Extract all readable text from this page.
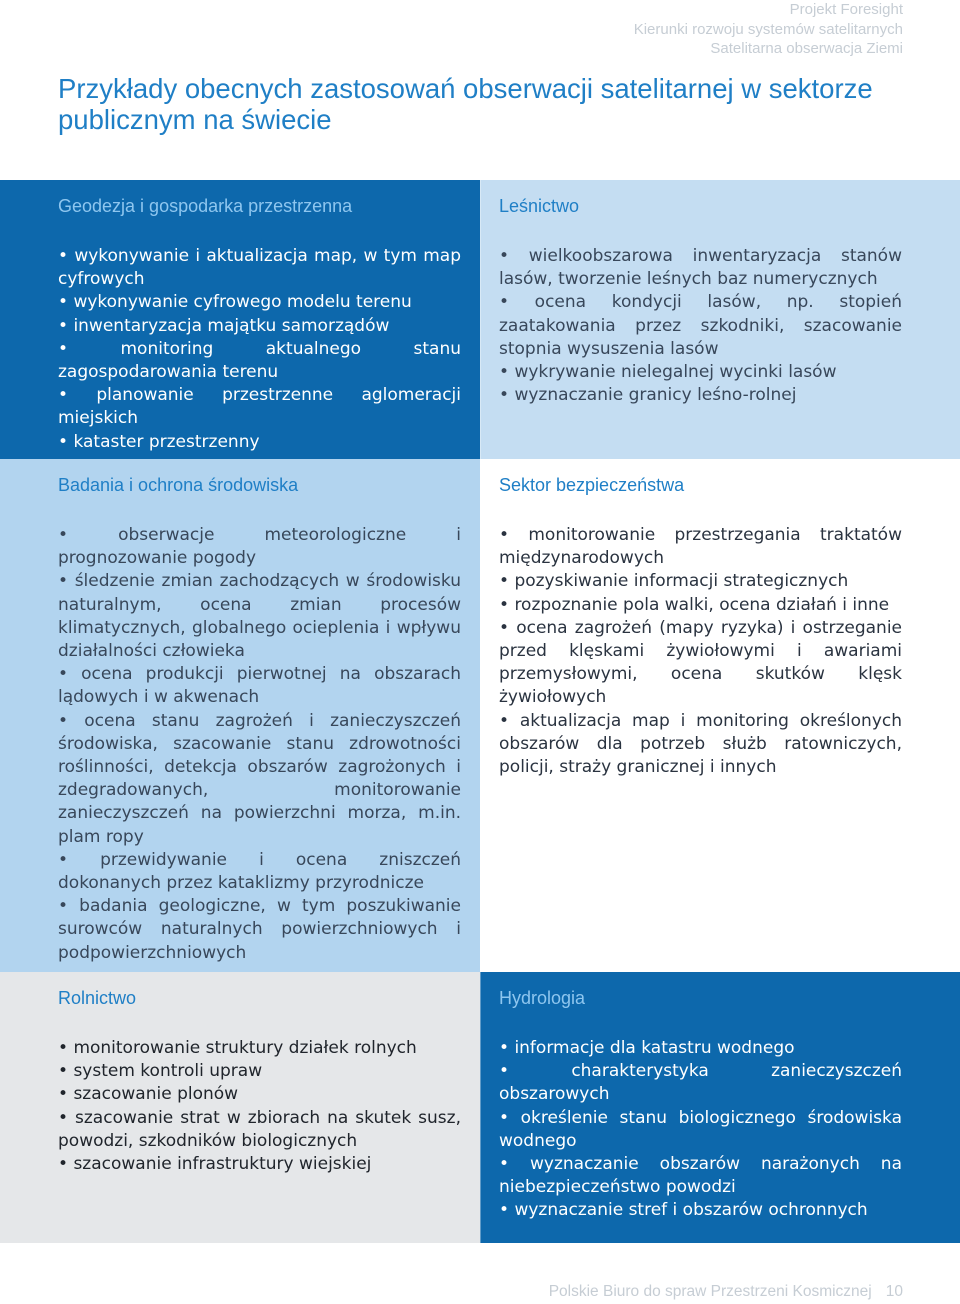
Projekt Foresight
Kierunki rozwoju systemów satelitarnych
Satelitarna obserwacja Ziemi
Przykłady obecnych zastosowań obserwacji satelitarnej w sektorze publicznym na świecie
Geodezja i gospodarka przestrzenna
• wykonywanie i aktualizacja map, w tym map cyfrowych
• wykonywanie cyfrowego modelu terenu
• inwentaryzacja majątku samorządów
• monitoring aktualnego stanu zagospodarowania terenu
• planowanie przestrzenne aglomeracji miejskich
• kataster przestrzenny
Leśnictwo
• wielkoobszarowa inwentaryzacja stanów lasów, tworzenie leśnych baz numerycznych
• ocena kondycji lasów, np. stopień zaatakowania przez szkodniki, szacowanie stopnia wysuszenia lasów
• wykrywanie nielegalnej wycinki lasów
• wyznaczanie granicy leśno-rolnej
Badania i ochrona środowiska
• obserwacje meteorologiczne i prognozowanie pogody
• śledzenie zmian zachodzących w środowisku naturalnym, ocena zmian procesów klimatycznych, globalnego ocieplenia i wpływu działalności człowieka
• ocena produkcji pierwotnej na obszarach lądowych i w akwenach
• ocena stanu zagrożeń i zanieczyszczeń środowiska, szacowanie stanu zdrowotności roślinności, detekcja obszarów zagrożonych i zdegradowanych, monitorowanie zanieczyszczeń na powierzchni morza, m.in. plam ropy
• przewidywanie i ocena zniszczeń dokonanych przez kataklizmy przyrodnicze
• badania geologiczne, w tym poszukiwanie surowców naturalnych powierzchniowych i podpowierzchniowych
Sektor bezpieczeństwa
• monitorowanie przestrzegania traktatów międzynarodowych
• pozyskiwanie informacji strategicznych
• rozpoznanie pola walki, ocena działań i inne
• ocena zagrożeń (mapy ryzyka) i ostrzeganie przed klęskami żywiołowymi i awariami przemysłowymi, ocena skutków klęsk żywiołowych
• aktualizacja map i monitoring określonych obszarów dla potrzeb służb ratowniczych, policji, straży granicznej i innych
Rolnictwo
• monitorowanie struktury działek rolnych
• system kontroli upraw
• szacowanie plonów
• szacowanie strat w zbiorach na skutek susz, powodzi, szkodników biologicznych
• szacowanie infrastruktury wiejskiej
Hydrologia
• informacje dla katastru wodnego
• charakterystyka zanieczyszczeń obszarowych
• określenie stanu biologicznego środowiska wodnego
• wyznaczanie obszarów narażonych na niebezpieczeństwo powodzi
• wyznaczanie stref i obszarów ochronnych
Polskie Biuro do spraw Przestrzeni Kosmicznej 10
